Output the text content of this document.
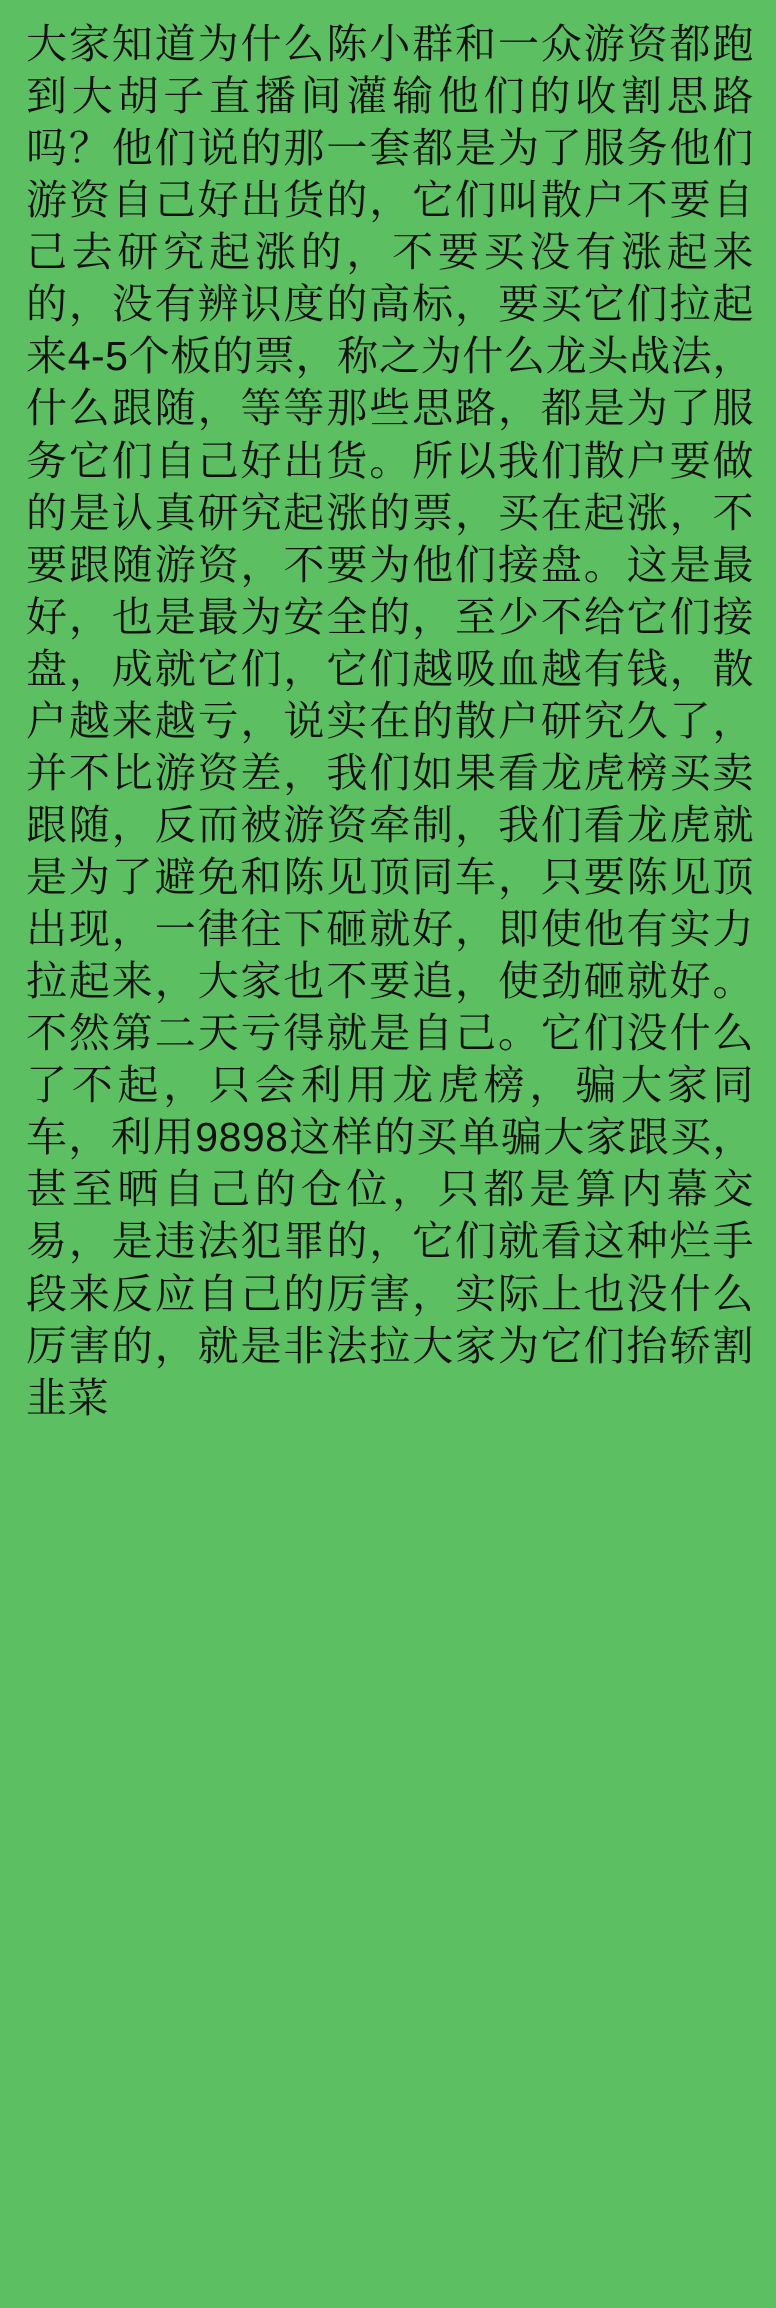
大家知道为什么陈小群和一众游资都跑到大胡子直播间灌输他们的收割思路吗？他们说的那一套都是为了服务他们游资自己好出货的，它们叫散户不要自己去研究起涨的，不要买没有涨起来的，没有辨识度的高标，要买它们拉起来4-5个板的票，称之为什么龙头战法，什么跟随，等等那些思路，都是为了服务它们自己好出货。所以我们散户要做的是认真研究起涨的票，买在起涨，不要跟随游资，不要为他们接盘。这是最好，也是最为安全的，至少不给它们接盘，成就它们，它们越吸血越有钱，散户越来越亏，说实在的散户研究久了，并不比游资差，我们如果看龙虎榜买卖跟随，反而被游资牵制，我们看龙虎就是为了避免和陈见顶同车，只要陈见顶出现，一律往下砸就好，即使他有实力拉起来，大家也不要追，使劲砸就好。不然第二天亏得就是自己。它们没什么了不起，只会利用龙虎榜，骗大家同车，利用9898这样的买单骗大家跟买，甚至晒自己的仓位，只都是算内幕交易，是违法犯罪的，它们就看这种烂手段来反应自己的厉害，实际上也没什么厉害的，就是非法拉大家为它们抬轿割韭菜
